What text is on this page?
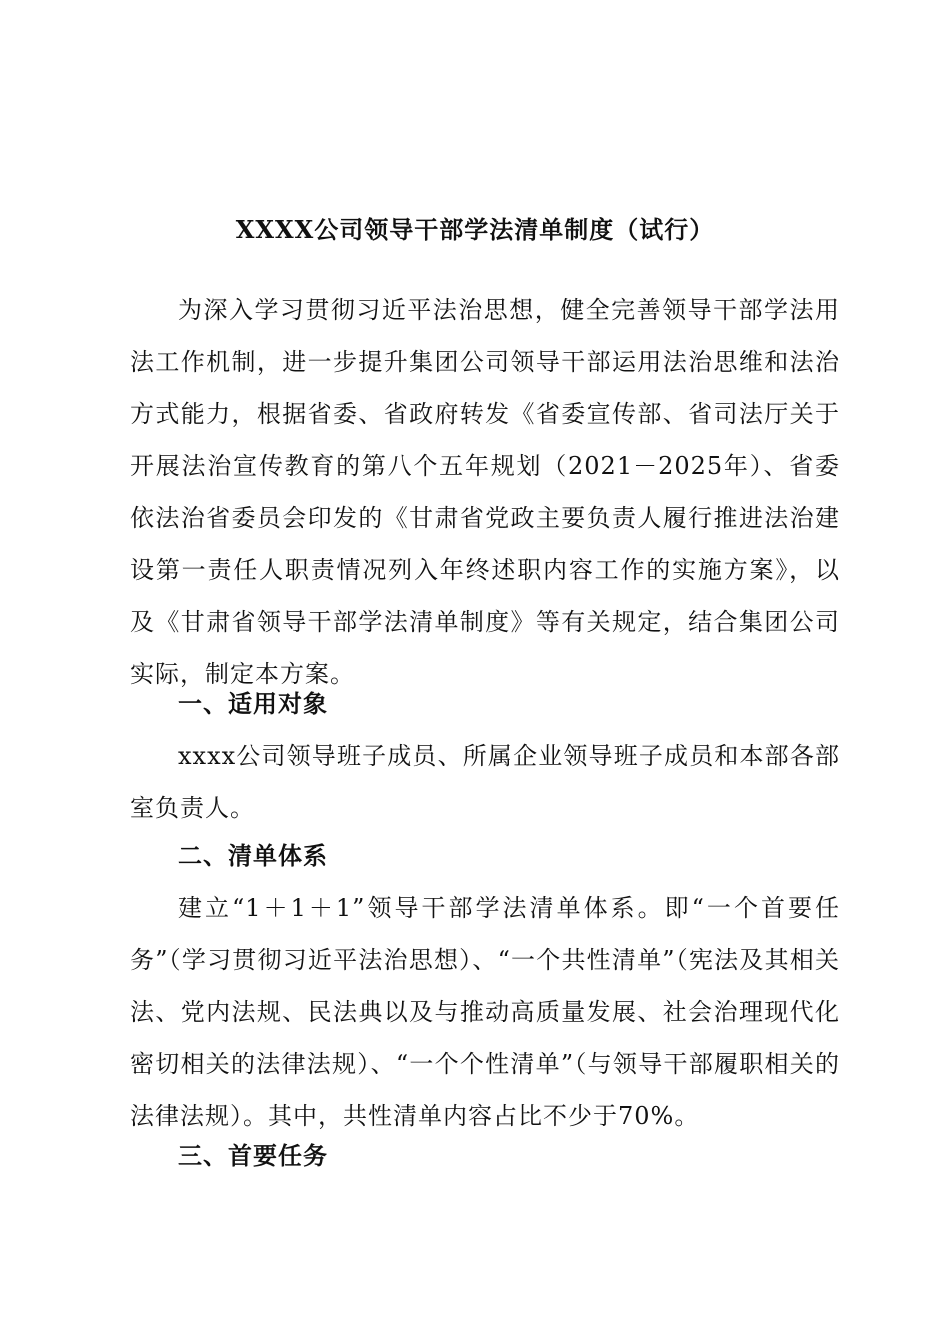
XXXX公司领导干部学法清单制度（试行）
为深入学习贯彻习近平法治思想，健全完善领导干部学法用法工作机制，进一步提升集团公司领导干部运用法治思维和法治方式能力，根据省委、省政府转发《省委宣传部、省司法厅关于开展法治宣传教育的第八个五年规划（2021－2025年）、省委依法治省委员会印发的《甘肃省党政主要负责人履行推进法治建设第一责任人职责情况列入年终述职内容工作的实施方案》，以及《甘肃省领导干部学法清单制度》等有关规定，结合集团公司实际，制定本方案。
一、适用对象
xxxx公司领导班子成员、所属企业领导班子成员和本部各部室负责人。
二、清单体系
建立“1＋1＋1”领导干部学法清单体系。即“一个首要任务”（学习贯彻习近平法治思想）、“一个共性清单”（宪法及其相关法、党内法规、民法典以及与推动高质量发展、社会治理现代化密切相关的法律法规）、“一个个性清单”（与领导干部履职相关的法律法规）。其中，共性清单内容占比不少于70%。
三、首要任务
